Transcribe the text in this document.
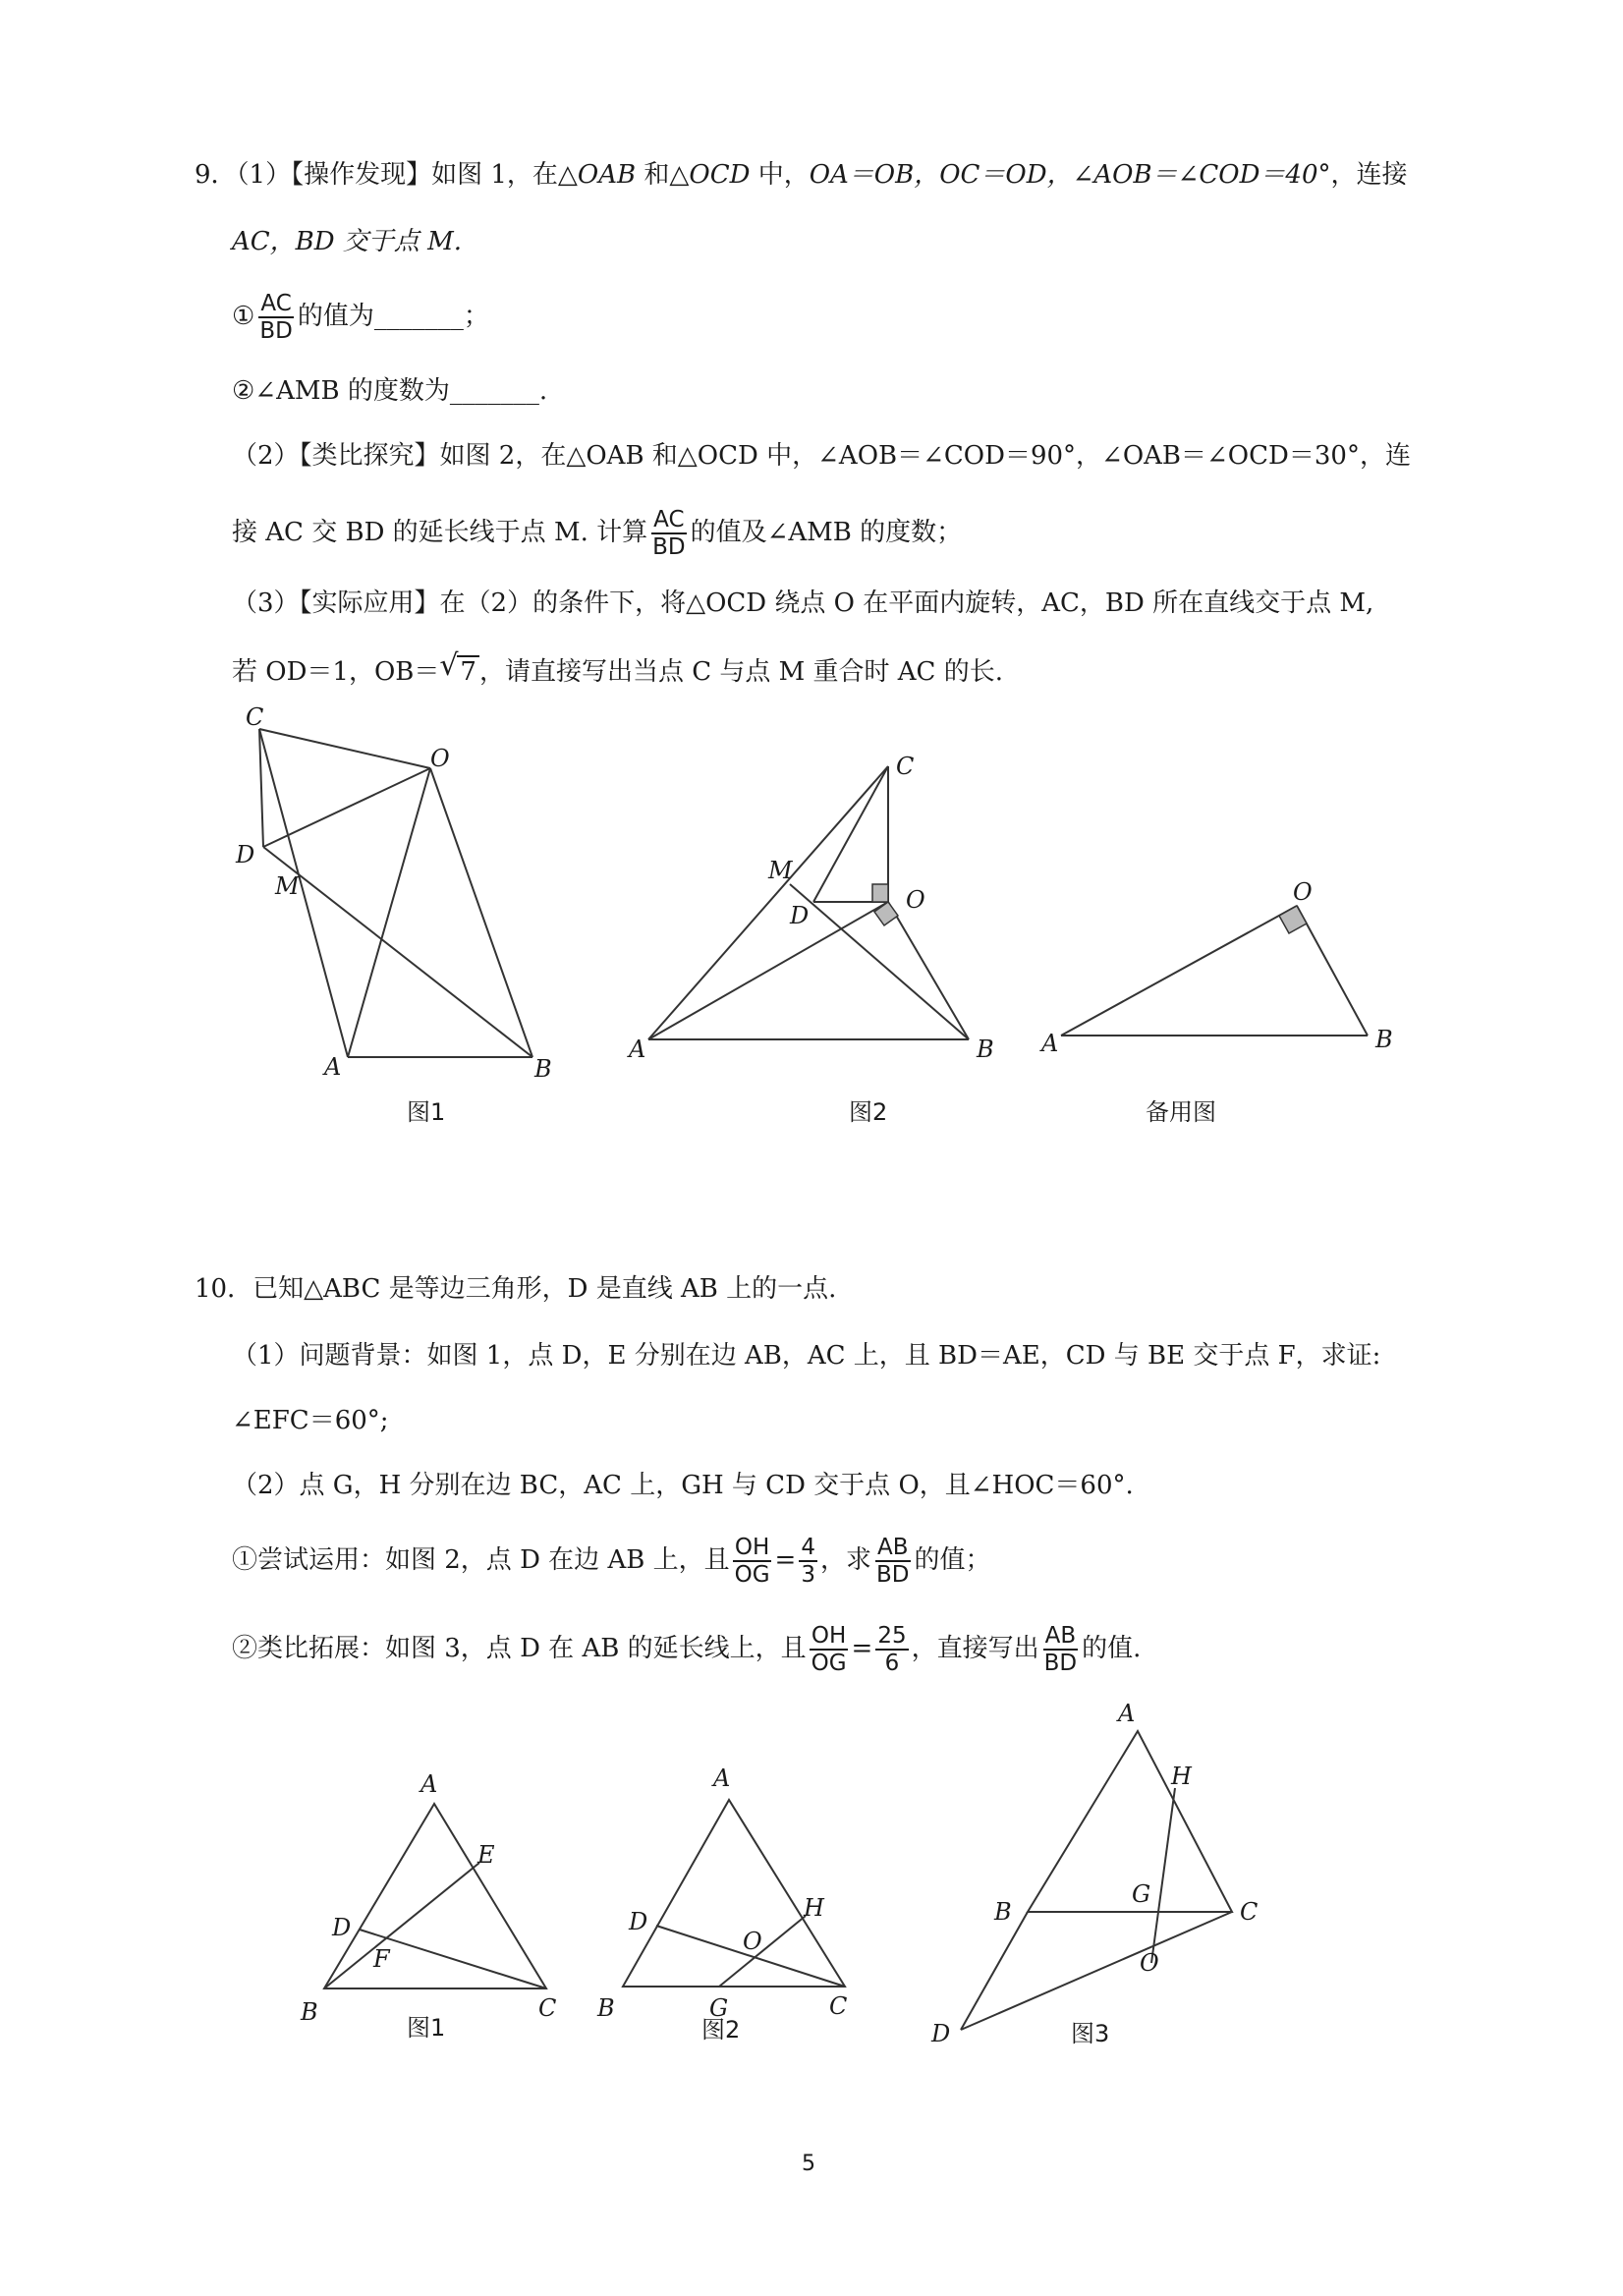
9．（1）【操作发现】如图 1，在△OAB 和△OCD 中，OA＝OB，OC＝OD，∠AOB＝∠COD＝40°，连接
AC，BD 交于点 M.
① $\frac{AC}{BD}$ 的值为_______；
②∠AMB 的度数为_______.
（2）【类比探究】如图 2，在△OAB 和△OCD 中，∠AOB＝∠COD＝90°，∠OAB＝∠OCD＝30°，连
接 AC 交 BD 的延长线于点 M. 计算 $\frac{AC}{BD}$ 的值及∠AMB 的度数；
（3）【实际应用】在（2）的条件下，将△OCD 绕点 O 在平面内旋转，AC，BD 所在直线交于点 M,
若 OD＝1，OB＝ √ 7 ，请直接写出当点 C 与点 M 重合时 AC 的长.
C
O
D
M
A	B
图1
C
M
O
D
A	B
图2
O
A	B
备用图
10．已知△ABC 是等边三角形，D 是直线 AB 上的一点.
（1）问题背景：如图 1，点 D，E 分别在边 AB，AC 上，且 BD＝AE，CD 与 BE 交于点 F，求证:
∠EFC＝60°;
（2）点 G，H 分别在边 BC，AC 上，GH 与 CD 交于点 O，且∠HOC＝60°.
①尝试运用：如图 2，点 D 在边 AB 上，且 $\frac{OH}{OG} = \frac{4}{3}$ ，求 $\frac{AB}{BD}$ 的值；
②类比拓展：如图 3，点 D 在 AB 的延长线上，且 $\frac{OH}{OG} = \frac{25}{6}$ ，直接写出 $\frac{AB}{BD}$ 的值.
A
E
D
F
B	C
图1
A
D	H
O
B	G	C
图2
A
H
G
B	C
O
D	图3
5
